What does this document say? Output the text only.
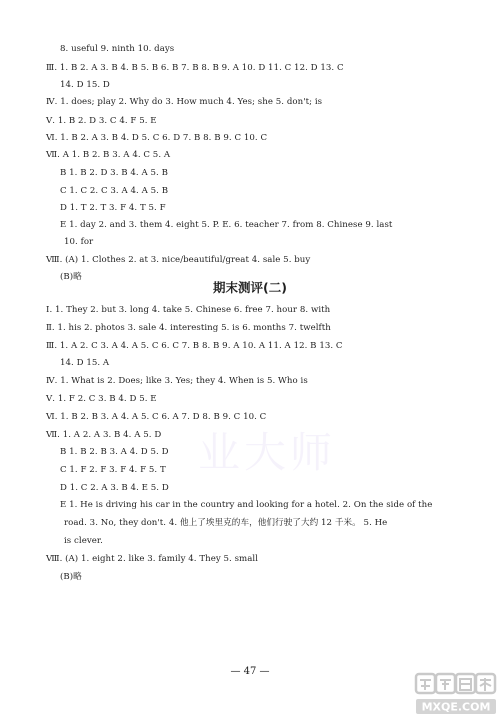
业大师
8. useful 9. ninth 10. days
Ⅲ. 1. B 2. A 3. B 4. B 5. B 6. B 7. B 8. B 9. A 10. D 11. C 12. D 13. C
14. D 15. D
Ⅳ. 1. does; play 2. Why do 3. How much 4. Yes; she 5. don't; is
Ⅴ. 1. B 2. D 3. C 4. F 5. E
Ⅵ. 1. B 2. A 3. B 4. D 5. C 6. D 7. B 8. B 9. C 10. C
Ⅶ. A 1. B 2. B 3. A 4. C 5. A
B 1. B 2. D 3. B 4. A 5. B
C 1. C 2. C 3. A 4. A 5. B
D 1. T 2. T 3. F 4. T 5. F
E 1. day 2. and 3. them 4. eight 5. P. E. 6. teacher 7. from 8. Chinese 9. last
10. for
Ⅷ. (A) 1. Clothes 2. at 3. nice/beautiful/great 4. sale 5. buy
(B)略
期末测评(二)
Ⅰ. 1. They 2. but 3. long 4. take 5. Chinese 6. free 7. hour 8. with
Ⅱ. 1. his 2. photos 3. sale 4. interesting 5. is 6. months 7. twelfth
Ⅲ. 1. A 2. C 3. A 4. A 5. C 6. C 7. B 8. B 9. A 10. A 11. A 12. B 13. C
14. D 15. A
Ⅳ. 1. What is 2. Does; like 3. Yes; they 4. When is 5. Who is
Ⅴ. 1. F 2. C 3. B 4. D 5. E
Ⅵ. 1. B 2. B 3. A 4. A 5. C 6. A 7. D 8. B 9. C 10. C
Ⅶ. 1. A 2. A 3. B 4. A 5. D
B 1. B 2. B 3. A 4. D 5. D
C 1. F 2. F 3. F 4. F 5. T
D 1. C 2. A 3. B 4. E 5. D
E 1. He is driving his car in the country and looking for a hotel. 2. On the side of the
road. 3. No, they don't. 4. 他上了埃里克的车，他们行驶了大约 12 千米。 5. He
is clever.
Ⅷ. (A) 1. eight 2. like 3. family 4. They 5. small
(B)略
— 47 —
MXQE.COM
